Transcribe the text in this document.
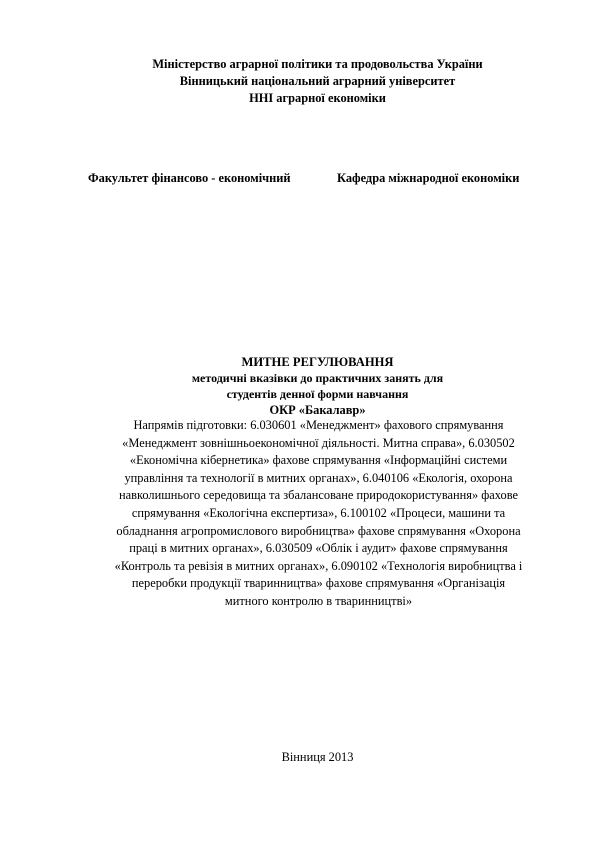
Міністерство аграрної політики та продовольства України
Вінницький національний аграрний університет
ННІ аграрної економіки
Факультет фінансово - економічний	Кафедра міжнародної економіки
МИТНЕ РЕГУЛЮВАННЯ
методичні вказівки до практичних занять для
студентів денної форми навчання
ОКР «Бакалавр»
Напрямів підготовки: 6.030601 «Менеджмент» фахового спрямування
«Менеджмент зовнішньоекономічної діяльності. Митна справа», 6.030502
«Економічна кібернетика» фахове спрямування «Інформаційні системи
управління та технології в митних органах», 6.040106 «Екологія, охорона
навколишнього середовища та збалансоване природокористування» фахове
спрямування «Екологічна експертиза», 6.100102 «Процеси, машини та
обладнання агропромислового виробництва» фахове спрямування «Охорона
праці в митних органах», 6.030509 «Облік і аудит» фахове спрямування
«Контроль та ревізія в митних органах», 6.090102 «Технологія виробництва і
переробки продукції тваринництва» фахове спрямування «Організація
митного контролю в тваринництві»
Вінниця 2013
